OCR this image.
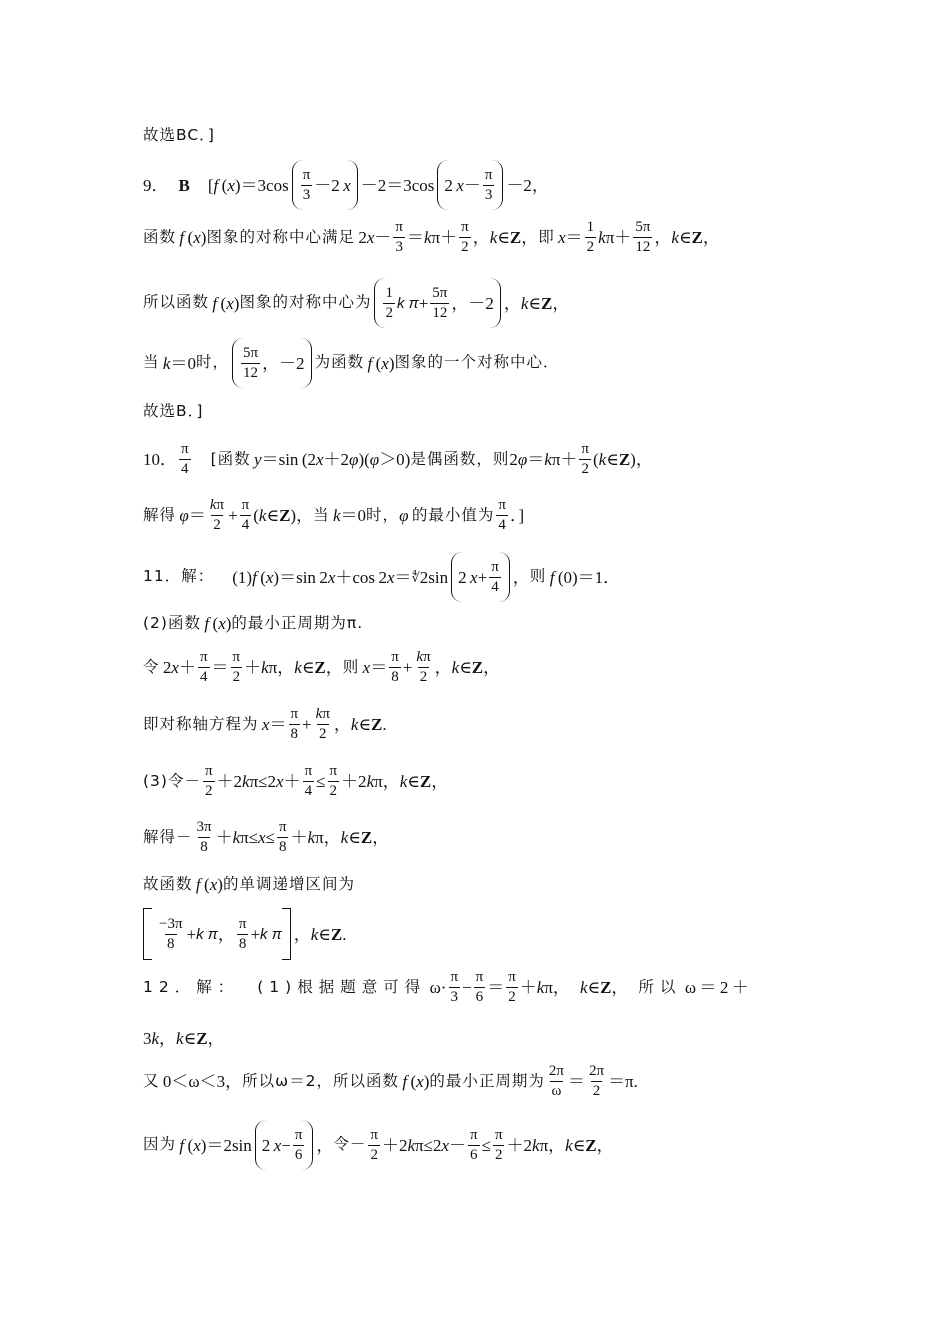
故选BC．]
9． B [ f  ( x )$=3\cos \frac{\pi}{3} -2$  x －2＝3cos 2  $x - \frac{\pi}{3} -2$，
函数
  f  ( x ) 图象的对称中心满足  2 $x - \frac{\pi}{3} = k$ $\pi+ \frac{\pi}{2}$ ， k ∈ Z ， 即
  $x = \frac{1}{2}$ k $\pi+ \frac{5\pi}{12}$ ， k ∈ Z ，
所以函数
  f  ( x ) 图象的对称中心为 $\frac{1}{2}$ k $\pi + \frac{5\pi}{12}$ ，－2 ， k ∈ Z ，
当
  k ＝0 时， $\frac{5\pi}{12}$ ，－2 为函数
  f  ( x ) 图象的一个对称中心．
故选B．]
10． $\frac{\pi}{4}$ [函数
  y ＝sin (2 x ＋2 φ )( φ ＞0) 是偶函数，则 2 φ ＝ k $\pi+ \frac{\pi}{2}$ ( k ∈ Z )，
解得
  $\varphi = \frac{k\pi}{2} + \frac{\pi}{4}$ ( k ∈ Z )， 当
  k ＝0 时， φ
  的最小值为 $\frac{\pi}{4}$ ．]
11．解： (1) f  ( x )＝sin 2 x ＋cos 2 x ＝ ∜ 2sin 2  $x + \frac{\pi}{4}$ ， 则
  f  (0)＝1．
(2)函数
  f  ( x ) 的最小正周期为π.
令  2 $x + \frac{\pi}{4} = \frac{\pi}{2} + k$ π， k ∈ Z ， 则
  $x = \frac{\pi}{8} + \frac{k\pi}{2}$ ， k ∈ Z ，
即对称轴方程为
  $x = \frac{\pi}{8} + \frac{k\pi}{2}$ ， k ∈ Z .
(3)令－ $\frac{\pi}{2} +2$ k π≤2 $x + \frac{\pi}{4} \le \frac{\pi}{2} +2$ k π， k ∈ Z ，
解得－ $\frac{3\pi}{8} + k$ $\pi\le x \le \frac{\pi}{8} + k$ π， k ∈ Z ，
故函数
  f  ( x ) 的单调递增区间为
$\frac{-3\pi}{8} + k$ π ， $\frac{\pi}{8} + k$ π ， k ∈ Z .
12．解： (1)根据题意可得  $\omega\cdot \frac{\pi}{3} - \frac{\pi}{6} = \frac{\pi}{2} + k$ π， k ∈ Z ， 所以  ω ＝ 2 ＋
3 k ， k ∈ Z ，
又  0＜ω＜3， 所以ω＝2，所以函数
  f  ( x ) 的最小正周期为 $\frac{2\pi}{\omega} = \frac{2\pi}{2} =\pi$.
因为
  f  ( x )＝2sin 2  $x - \frac{\pi}{6}$ ， 令－ $\frac{\pi}{2} +2$ k π≤2 $x - \frac{\pi}{6} \le \frac{\pi}{2} +2$ k π， k ∈ Z ，
